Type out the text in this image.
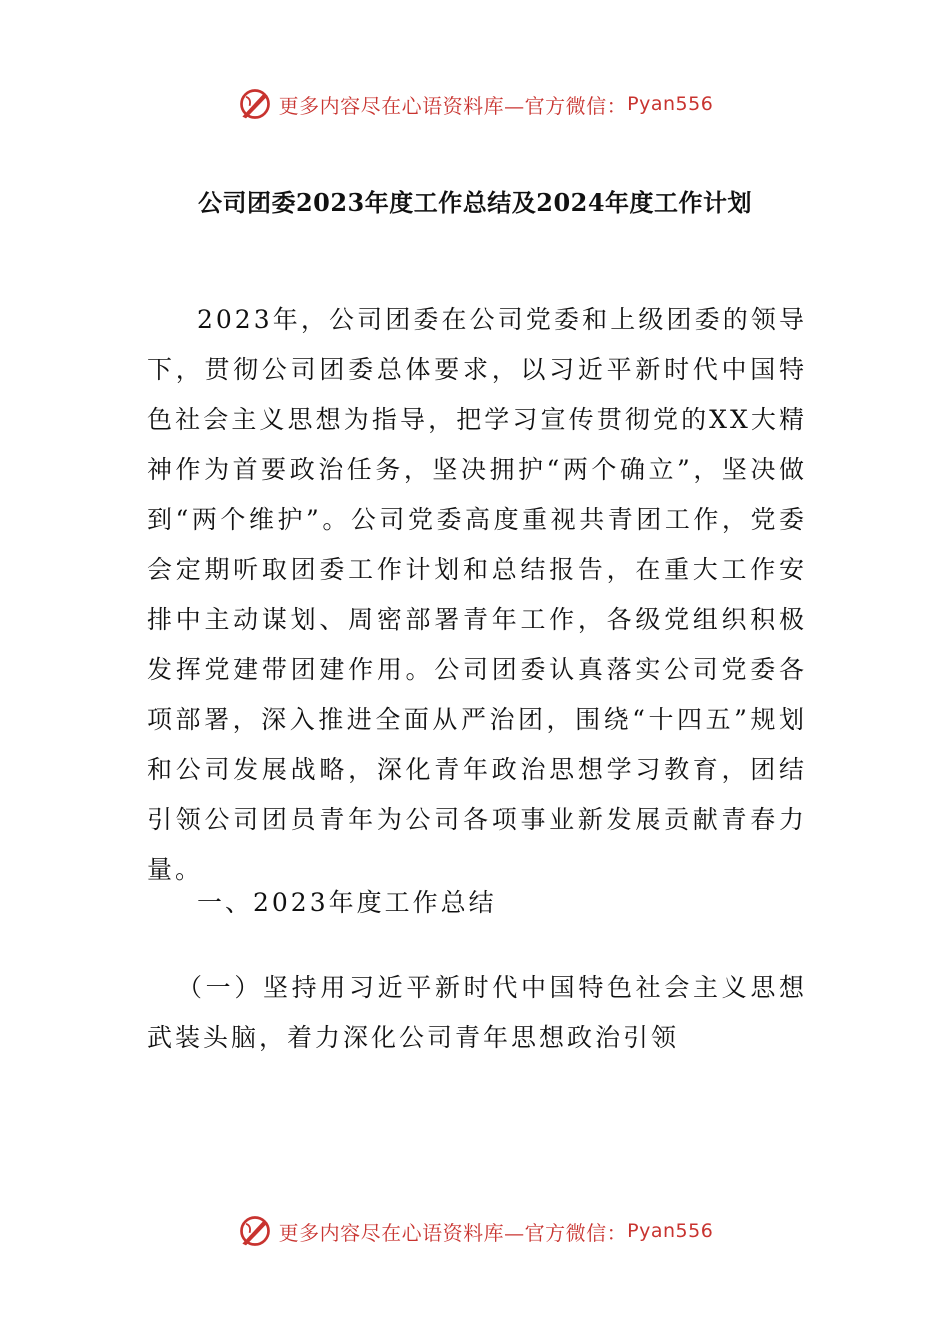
更多内容尽在心语资料库—官方微信： Pyan556
公司团委2023年度工作总结及2024年度工作计划

2023年，公司团委在公司党委和上级团委的领导下，贯彻公司团委总体要求，以习近平新时代中国特色社会主义思想为指导，把学习宣传贯彻党的XX大精神作为首要政治任务，坚决拥护“两个确立”，坚决做到“两个维护”。公司党委高度重视共青团工作，党委会定期听取团委工作计划和总结报告，在重大工作安排中主动谋划、周密部署青年工作，各级党组织积极发挥党建带团建作用。公司团委认真落实公司党委各项部署，深入推进全面从严治团，围绕“十四五”规划和公司发展战略，深化青年政治思想学习教育，团结引领公司团员青年为公司各项事业新发展贡献青春力量。

一、2023年度工作总结

（一）坚持用习近平新时代中国特色社会主义思想武装头脑，着力深化公司青年思想政治引领

更多内容尽在心语资料库—官方微信： Pyan556
